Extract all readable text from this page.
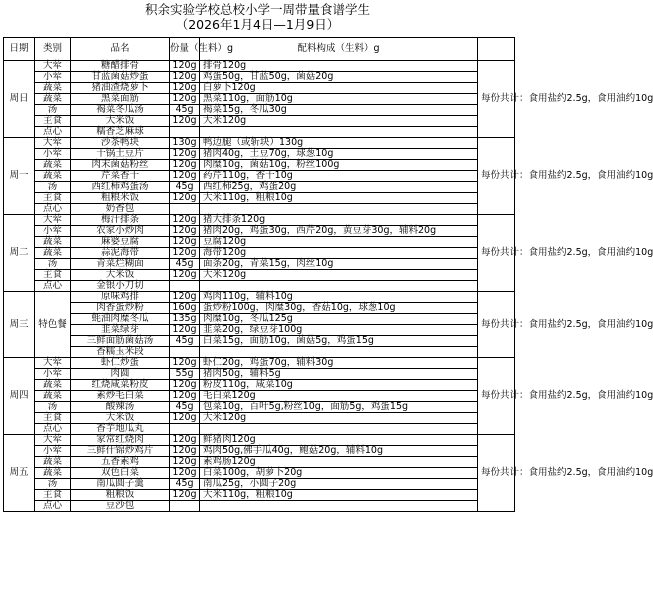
积余实验学校总校小学一周带量食谱学生
（2026年1月4日—1月9日）
日期	类别	品名	份量（生料）g	配料构成（生料）g	
周日	大荤	糖醋排骨	120g	排骨120g	每份共计：食用盐约2.5g，食用油约10g
	小荤	甘蓝菌菇炒蛋	120g	鸡蛋50g，甘蓝50g，菌菇20g	
	蔬菜	猪油渣烧萝卜	120g	白萝卜120g	
	蔬菜	黑菜面筋	120g	黑菜110g，面筋10g	
	汤	褐菜冬瓜汤	45g	褐菜15g，冬瓜30g	
	主食	大米饭	120g	大米120g	
	点心	糯香芝麻球			
周一	大荤	沙茶鸭块	130g	鸭边腿（或斩块）130g	每份共计：食用盐约2.5g，食用油约10g
	小荤	干锅土豆片	120g	猪肉40g，土豆70g，球葱10g	
	蔬菜	肉末菌菇粉丝	120g	肉糜10g，菌菇10g，粉丝100g	
	蔬菜	芹菜香干	120g	药芹110g，香干10g	
	汤	西红柿鸡蛋汤	45g	西红柿25g，鸡蛋20g	
	主食	粗粮米饭	120g	大米110g，粗粮10g	
	点心	奶香包			
周二	大荤	梅汁排条	120g	猪大排条120g	每份共计：食用盐约2.5g，食用油约10g
	小荤	农家小炒肉	120g	猪肉20g，鸡蛋30g，西芹20g，黄豆芽30g，辅料20g	
	蔬菜	麻婆豆腐	120g	豆腐120g	
	蔬菜	蒜泥海带	120g	海带120g	
	汤	青菜烂糊面	45g	面条20g，青菜15g，肉丝10g	
	主食	大米饭	120g	大米120g	
	点心	金银小刀切			
周三	特色餐	原味鸡排	120g	鸡肉110g，辅料10g	每份共计：食用盐约2.5g，食用油约10g
		肉香蛋炒粉	160g	蛋炒粉100g，肉糜30g，香菇10g，球葱10g	
		蚝油肉糜冬瓜	135g	肉糜10g，冬瓜125g	
		韭菜绿芽	120g	韭菜20g，绿豆芽100g	
		三鲜面筋菌菇汤	45g	白菜15g，面筋10g，菌菇5g，鸡蛋15g	
		香糯玉米段			
周四	大荤	虾仁炒蛋	120g	虾仁20g，鸡蛋70g，辅料30g	每份共计：食用盐约2.5g，食用油约10g
	小荤	肉圆	55g	猪肉50g，辅料5g	
	蔬菜	红烧咸菜粉皮	120g	粉皮110g，咸菜10g	
	蔬菜	素炒毛白菜	120g	毛白菜120g	
	汤	酸辣汤	45g	包菜10g，百叶5g,粉丝10g，面筋5g，鸡蛋15g	
	主食	大米饭	120g	大米120g	
	点心	香芋地瓜丸			
周五	大荤	家常红烧肉	120g	鲜猪肉120g	每份共计：食用盐约2.5g，食用油约10g
	小荤	三鲜什锦炒鸡片	120g	鸡肉50g,佛手瓜40g，鲍菇20g，辅料10g	
	蔬菜	五香素鸡	120g	素鸡肠120g	
	蔬菜	双色白菜	120g	白菜100g，胡萝卜20g	
	汤	南瓜圆子羹	45g	南瓜25g，小圆子20g	
	主食	粗粮饭	120g	大米110g，粗粮10g	
	点心	豆沙包			
